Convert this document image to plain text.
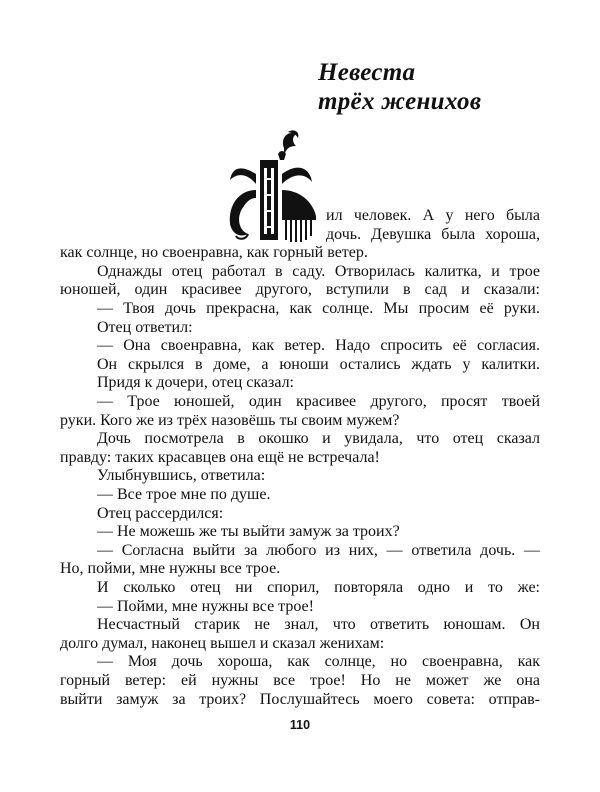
Невеста
трёх женихов
ил человек. А у него была
дочь. Девушка была хороша,
как солнце, но своенравна, как горный ветер.
Однажды отец работал в саду. Отворилась калитка, и трое
юношей, один красивее другого, вступили в сад и сказали:
— Твоя дочь прекрасна, как солнце. Мы просим её руки.
Отец ответил:
— Она своенравна, как ветер. Надо спросить её согласия.
Он скрылся в доме, а юноши остались ждать у калитки.
Придя к дочери, отец сказал:
— Трое юношей, один красивее другого, просят твоей
руки. Кого же из трёх назовёшь ты своим мужем?
Дочь посмотрела в окошко и увидала, что отец сказал
правду: таких красавцев она ещё не встречала!
Улыбнувшись, ответила:
— Все трое мне по душе.
Отец рассердился:
— Не можешь же ты выйти замуж за троих?
— Согласна выйти за любого из них, — ответила дочь. —
Но, пойми, мне нужны все трое.
И сколько отец ни спорил, повторяла одно и то же:
— Пойми, мне нужны все трое!
Несчастный старик не знал, что ответить юношам. Он
долго думал, наконец вышел и сказал женихам:
— Моя дочь хороша, как солнце, но своенравна, как
горный ветер: ей нужны все трое! Но не может же она
выйти замуж за троих? Послушайтесь моего совета: отправ-
110
